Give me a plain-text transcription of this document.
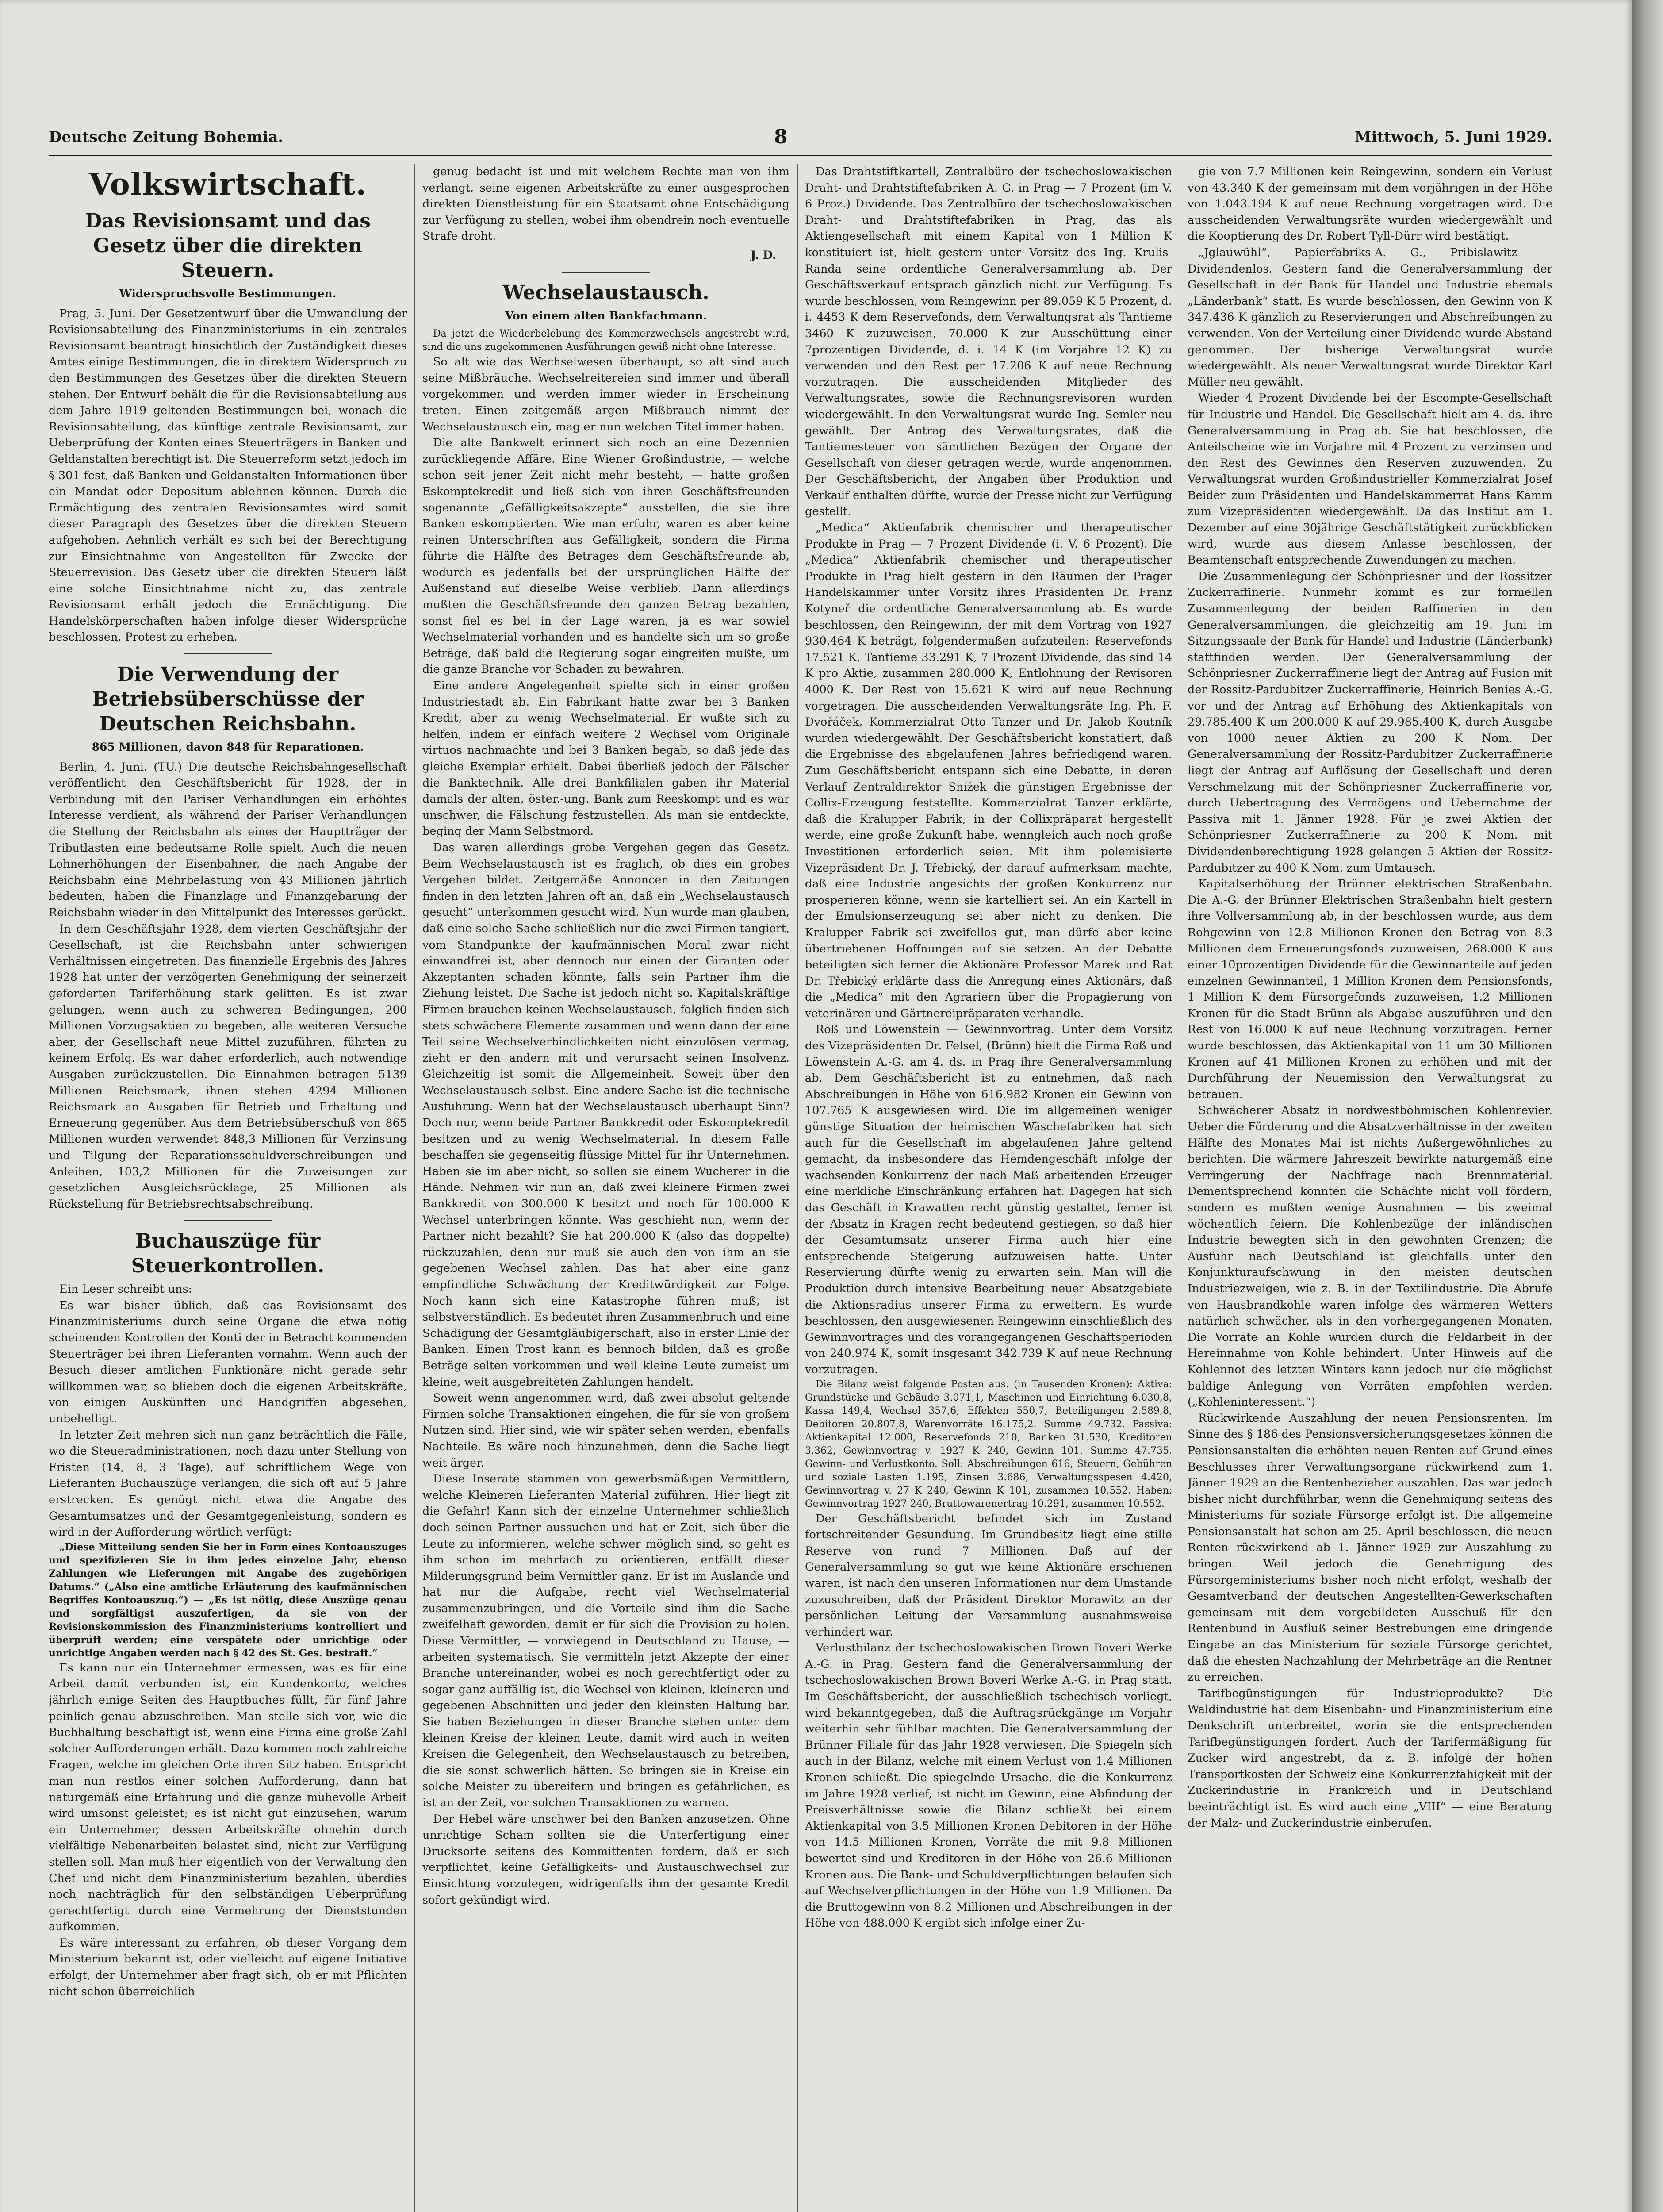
Deutsche Zeitung Bohemia.	8	Mittwoch, 5. Juni 1929.
Volkswirtschaft.
Das Revisionsamt und das Gesetz über die direkten Steuern.
Widerspruchsvolle Bestimmungen.

Prag, 5. Juni. Der Gesetzentwurf über die Umwandlung der Revisionsabteilung des Finanzministeriums in ein zentrales Revisionsamt beantragt hinsichtlich der Zuständigkeit dieses Amtes einige Bestimmungen, die in direktem Widerspruch zu den Bestimmungen des Gesetzes über die direkten Steuern stehen. Der Entwurf behält die für die Revisionsabteilung aus dem Jahre 1919 geltenden Bestimmungen bei, wonach die Revisionsabteilung, das künftige zentrale Revisionsamt, zur Ueberprüfung der Konten eines Steuerträgers in Banken und Geldanstalten berechtigt ist. Die Steuerreform setzt jedoch im § 301 fest, daß Banken und Geldanstalten Informationen über ein Mandat oder Depositum ablehnen können. Durch die Ermächtigung des zentralen Revisionsamtes wird somit dieser Paragraph des Gesetzes über die direkten Steuern aufgehoben. Aehnlich verhält es sich bei der Berechtigung zur Einsichtnahme von Angestellten für Zwecke der Steuerrevision. Das Gesetz über die direkten Steuern läßt eine solche Einsichtnahme nicht zu, das zentrale Revisionsamt erhält jedoch die Ermächtigung. Die Handelskörperschaften haben infolge dieser Widersprüche beschlossen, Protest zu erheben.

Die Verwendung der Betriebsüberschüsse der Deutschen Reichsbahn.
865 Millionen, davon 848 für Reparationen.

Berlin, 4. Juni. (TU.) Die deutsche Reichsbahngesellschaft veröffentlicht den Geschäftsbericht für 1928, der in Verbindung mit den Pariser Verhandlungen ein erhöhtes Interesse verdient, als während der Pariser Verhandlungen die Stellung der Reichsbahn als eines der Hauptträger der Tributlasten eine bedeutsame Rolle spielt. Auch die neuen Lohnerhöhungen der Eisenbahner, die nach Angabe der Reichsbahn eine Mehrbelastung von 43 Millionen jährlich bedeuten, haben die Finanzlage und Finanzgebarung der Reichsbahn wieder in den Mittelpunkt des Interesses gerückt.

In dem Geschäftsjahr 1928, dem vierten Geschäftsjahr der Gesellschaft, ist die Reichsbahn unter schwierigen Verhältnissen eingetreten. Das finanzielle Ergebnis des Jahres 1928 hat unter der verzögerten Genehmigung der seinerzeit geforderten Tariferhöhung stark gelitten. Es ist zwar gelungen, wenn auch zu schweren Bedingungen, 200 Millionen Vorzugsaktien zu begeben, alle weiteren Versuche aber, der Gesellschaft neue Mittel zuzuführen, führten zu keinem Erfolg. Es war daher erforderlich, auch notwendige Ausgaben zurückzustellen. Die Einnahmen betragen 5139 Millionen Reichsmark, ihnen stehen 4294 Millionen Reichsmark an Ausgaben für Betrieb und Erhaltung und Erneuerung gegenüber. Aus dem Betriebsüberschuß von 865 Millionen wurden verwendet 848,3 Millionen für Verzinsung und Tilgung der Reparationsschuldverschreibungen und Anleihen, 103,2 Millionen für die Zuweisungen zur gesetzlichen Ausgleichsrücklage, 25 Millionen als Rückstellung für Betriebsrechtsabschreibung.

Buchauszüge für Steuerkontrollen.

Ein Leser schreibt uns:

Es war bisher üblich, daß das Revisionsamt des Finanzministeriums durch seine Organe die etwa nötig scheinenden Kontrollen der Konti der in Betracht kommenden Steuerträger bei ihren Lieferanten vornahm. Wenn auch der Besuch dieser amtlichen Funktionäre nicht gerade sehr willkommen war, so blieben doch die eigenen Arbeitskräfte, von einigen Auskünften und Handgriffen abgesehen, unbehelligt.

In letzter Zeit mehren sich nun ganz beträchtlich die Fälle, wo die Steueradministrationen, noch dazu unter Stellung von Fristen (14, 8, 3 Tage), auf schriftlichem Wege von Lieferanten Buchauszüge verlangen, die sich oft auf 5 Jahre erstrecken. Es genügt nicht etwa die Angabe des Gesamtumsatzes und der Gesamtgegenleistung, sondern es wird in der Aufforderung wörtlich verfügt:

„Diese Mitteilung senden Sie her in Form eines Kontoauszuges und spezifizieren Sie in ihm jedes einzelne Jahr, ebenso Zahlungen wie Lieferungen mit Angabe des zugehörigen Datums.“ („Also eine amtliche Erläuterung des kaufmännischen Begriffes Kontoauszug.“) — „Es ist nötig, diese Auszüge genau und sorgfältigst auszufertigen, da sie von der Revisionskommission des Finanzministeriums kontrolliert und überprüft werden; eine verspätete oder unrichtige oder unrichtige Angaben werden nach § 42 des St. Ges. bestraft.“

Es kann nur ein Unternehmer ermessen, was es für eine Arbeit damit verbunden ist, ein Kundenkonto, welches jährlich einige Seiten des Hauptbuches füllt, für fünf Jahre peinlich genau abzuschreiben. Man stelle sich vor, wie die Buchhaltung beschäftigt ist, wenn eine Firma eine große Zahl solcher Aufforderungen erhält. Dazu kommen noch zahlreiche Fragen, welche im gleichen Orte ihren Sitz haben. Entspricht man nun restlos einer solchen Aufforderung, dann hat naturgemäß eine Erfahrung und die ganze mühevolle Arbeit wird umsonst geleistet; es ist nicht gut einzusehen, warum ein Unternehmer, dessen Arbeitskräfte ohnehin durch vielfältige Nebenarbeiten belastet sind, nicht zur Verfügung stellen soll. Man muß hier eigentlich von der Verwaltung den Chef und nicht dem Finanzministerium bezahlen, überdies noch nachträglich für den selbständigen Ueberprüfung gerechtfertigt durch eine Vermehrung der Dienststunden aufkommen.

Es wäre interessant zu erfahren, ob dieser Vorgang dem Ministerium bekannt ist, oder vielleicht auf eigene Initiative erfolgt, der Unternehmer aber fragt sich, ob er mit Pflichten nicht schon überreichlich

genug bedacht ist und mit welchem Rechte man von ihm verlangt, seine eigenen Arbeitskräfte zu einer ausgesprochen direkten Dienstleistung für ein Staatsamt ohne Entschädigung zur Verfügung zu stellen, wobei ihm obendrein noch eventuelle Strafe droht.

J. D.
Wechselaustausch.
Von einem alten Bankfachmann.

Da jetzt die Wiederbelebung des Kommerzwechsels angestrebt wird, sind die uns zugekommenen Ausführungen gewiß nicht ohne Interesse.

So alt wie das Wechselwesen überhaupt, so alt sind auch seine Mißbräuche. Wechselreitereien sind immer und überall vorgekommen und werden immer wieder in Erscheinung treten. Einen zeitgemäß argen Mißbrauch nimmt der Wechselaustausch ein, mag er nun welchen Titel immer haben.

Die alte Bankwelt erinnert sich noch an eine Dezennien zurückliegende Affäre. Eine Wiener Großindustrie, — welche schon seit jener Zeit nicht mehr besteht, — hatte großen Eskomptekredit und ließ sich von ihren Geschäftsfreunden sogenannte „Gefälligkeitsakzepte“ ausstellen, die sie ihre Banken eskomptierten. Wie man erfuhr, waren es aber keine reinen Unterschriften aus Gefälligkeit, sondern die Firma führte die Hälfte des Betrages dem Geschäftsfreunde ab, wodurch es jedenfalls bei der ursprünglichen Hälfte der Außenstand auf dieselbe Weise verblieb. Dann allerdings mußten die Geschäftsfreunde den ganzen Betrag bezahlen, sonst fiel es bei in der Lage waren, ja es war sowiel Wechselmaterial vorhanden und es handelte sich um so große Beträge, daß bald die Regierung sogar eingreifen mußte, um die ganze Branche vor Schaden zu bewahren.

Eine andere Angelegenheit spielte sich in einer großen Industriestadt ab. Ein Fabrikant hatte zwar bei 3 Banken Kredit, aber zu wenig Wechselmaterial. Er wußte sich zu helfen, indem er einfach weitere 2 Wechsel vom Originale virtuos nachmachte und bei 3 Banken begab, so daß jede das gleiche Exemplar erhielt. Dabei überließ jedoch der Fälscher die Banktechnik. Alle drei Bankfilialen gaben ihr Material damals der alten, öster.-ung. Bank zum Reeskompt und es war unschwer, die Fälschung festzustellen. Als man sie entdeckte, beging der Mann Selbstmord.

Das waren allerdings grobe Vergehen gegen das Gesetz. Beim Wechselaustausch ist es fraglich, ob dies ein grobes Vergehen bildet. Zeitgemäße Annoncen in den Zeitungen finden in den letzten Jahren oft an, daß ein „Wechselaustausch gesucht“ unterkommen gesucht wird. Nun wurde man glauben, daß eine solche Sache schließlich nur die zwei Firmen tangiert, vom Standpunkte der kaufmännischen Moral zwar nicht einwandfrei ist, aber dennoch nur einen der Giranten oder Akzeptanten schaden könnte, falls sein Partner ihm die Ziehung leistet. Die Sache ist jedoch nicht so. Kapitalskräftige Firmen brauchen keinen Wechselaustausch, folglich finden sich stets schwächere Elemente zusammen und wenn dann der eine Teil seine Wechselverbindlichkeiten nicht einzulösen vermag, zieht er den andern mit und verursacht seinen Insolvenz. Gleichzeitig ist somit die Allgemeinheit. Soweit über den Wechselaustausch selbst. Eine andere Sache ist die technische Ausführung. Wenn hat der Wechselaustausch überhaupt Sinn? Doch nur, wenn beide Partner Bankkredit oder Eskomptekredit besitzen und zu wenig Wechselmaterial. In diesem Falle beschaffen sie gegenseitig flüssige Mittel für ihr Unternehmen. Haben sie im aber nicht, so sollen sie einem Wucherer in die Hände. Nehmen wir nun an, daß zwei kleinere Firmen zwei Bankkredit von 300.000 K besitzt und noch für 100.000 K Wechsel unterbringen könnte. Was geschieht nun, wenn der Partner nicht bezahlt? Sie hat 200.000 K (also das doppelte) rückzuzahlen, denn nur muß sie auch den von ihm an sie gegebenen Wechsel zahlen. Das hat aber eine ganz empfindliche Schwächung der Kreditwürdigkeit zur Folge. Noch kann sich eine Katastrophe führen muß, ist selbstverständlich. Es bedeutet ihren Zusammenbruch und eine Schädigung der Gesamtgläubigerschaft, also in erster Linie der Banken. Einen Trost kann es bennoch bilden, daß es große Beträge selten vorkommen und weil kleine Leute zumeist um kleine, weit ausgebreiteten Zahlungen handelt.

Soweit wenn angenommen wird, daß zwei absolut geltende Firmen solche Transaktionen eingehen, die für sie von großem Nutzen sind. Hier sind, wie wir später sehen werden, ebenfalls Nachteile. Es wäre noch hinzunehmen, denn die Sache liegt weit ärger.

Diese Inserate stammen von gewerbsmäßigen Vermittlern, welche Kleineren Lieferanten Material zuführen. Hier liegt zit die Gefahr! Kann sich der einzelne Unternehmer schließlich doch seinen Partner aussuchen und hat er Zeit, sich über die Leute zu informieren, welche schwer möglich sind, so geht es ihm schon im mehrfach zu orientieren, entfällt dieser Milderungsgrund beim Vermittler ganz. Er ist im Auslande und hat nur die Aufgabe, recht viel Wechselmaterial zusammenzubringen, und die Vorteile sind ihm die Sache zweifelhaft geworden, damit er für sich die Provision zu holen. Diese Vermittler, — vorwiegend in Deutschland zu Hause, — arbeiten systematisch. Sie vermitteln jetzt Akzepte der einer Branche untereinander, wobei es noch gerechtfertigt oder zu sogar ganz auffällig ist, die Wechsel von kleinen, kleineren und gegebenen Abschnitten und jeder den kleinsten Haltung bar. Sie haben Beziehungen in dieser Branche stehen unter dem kleinen Kreise der kleinen Leute, damit wird auch in weiten Kreisen die Gelegenheit, den Wechselaustausch zu betreiben, die sie sonst schwerlich hätten. So bringen sie in Kreise ein solche Meister zu übereifern und bringen es gefährlichen, es ist an der Zeit, vor solchen Transaktionen zu warnen.

Der Hebel wäre unschwer bei den Banken anzusetzen. Ohne unrichtige Scham sollten sie die Unterfertigung einer Drucksorte seitens des Kommittenten fordern, daß er sich verpflichtet, keine Gefälligkeits- und Austauschwechsel zur Einsichtung vorzulegen, widrigenfalls ihm der gesamte Kredit sofort gekündigt wird.

Das Drahtstiftkartell, Zentralbüro der tschechoslowakischen Draht- und Drahtstiftefabriken A. G. in Prag — 7 Prozent (im V. 6 Proz.) Dividende. Das Zentralbüro der tschechoslowakischen Draht- und Drahtstiftefabriken in Prag, das als Aktiengesellschaft mit einem Kapital von 1 Million K konstituiert ist, hielt gestern unter Vorsitz des Ing. Krulis-Randa seine ordentliche Generalversammlung ab. Der Geschäftsverkauf entsprach gänzlich nicht zur Verfügung. Es wurde beschlossen, vom Reingewinn per 89.059 K 5 Prozent, d. i. 4453 K dem Reservefonds, dem Verwaltungsrat als Tantieme 3460 K zuzuweisen, 70.000 K zur Ausschüttung einer 7prozentigen Dividende, d. i. 14 K (im Vorjahre 12 K) zu verwenden und den Rest per 17.206 K auf neue Rechnung vorzutragen. Die ausscheidenden Mitglieder des Verwaltungsrates, sowie die Rechnungsrevisoren wurden wiedergewählt. In den Verwaltungsrat wurde Ing. Semler neu gewählt. Der Antrag des Verwaltungsrates, daß die Tantiemesteuer von sämtlichen Bezügen der Organe der Gesellschaft von dieser getragen werde, wurde angenommen. Der Geschäftsbericht, der Angaben über Produktion und Verkauf enthalten dürfte, wurde der Presse nicht zur Verfügung gestellt.

„Medica“ Aktienfabrik chemischer und therapeutischer Produkte in Prag — 7 Prozent Dividende (i. V. 6 Prozent). Die „Medica“ Aktienfabrik chemischer und therapeutischer Produkte in Prag hielt gestern in den Räumen der Prager Handelskammer unter Vorsitz ihres Präsidenten Dr. Franz Kotyneř die ordentliche Generalversammlung ab. Es wurde beschlossen, den Reingewinn, der mit dem Vortrag von 1927 930.464 K beträgt, folgendermaßen aufzuteilen: Reservefonds 17.521 K, Tantieme 33.291 K, 7 Prozent Dividende, das sind 14 K pro Aktie, zusammen 280.000 K, Entlohnung der Revisoren 4000 K. Der Rest von 15.621 K wird auf neue Rechnung vorgetragen. Die ausscheidenden Verwaltungsräte Ing. Ph. F. Dvořáček, Kommerzialrat Otto Tanzer und Dr. Jakob Koutník wurden wiedergewählt. Der Geschäftsbericht konstatiert, daß die Ergebnisse des abgelaufenen Jahres befriedigend waren. Zum Geschäftsbericht entspann sich eine Debatte, in deren Verlauf Zentraldirektor Snížek die günstigen Ergebnisse der Collix-Erzeugung feststellte. Kommerzialrat Tanzer erklärte, daß die Kralupper Fabrik, in der Collixpräparat hergestellt werde, eine große Zukunft habe, wenngleich auch noch große Investitionen erforderlich seien. Mit ihm polemisierte Vizepräsident Dr. J. Třebický, der darauf aufmerksam machte, daß eine Industrie angesichts der großen Konkurrenz nur prosperieren könne, wenn sie kartelliert sei. An ein Kartell in der Emulsionserzeugung sei aber nicht zu denken. Die Kralupper Fabrik sei zweifellos gut, man dürfe aber keine übertriebenen Hoffnungen auf sie setzen. An der Debatte beteiligten sich ferner die Aktionäre Professor Marek und Rat Dr. Třebický erklärte dass die Anregung eines Aktionärs, daß die „Medica“ mit den Agrariern über die Propagierung von veterinären und Gärtnereipräparaten verhandle.

Roß und Löwenstein — Gewinnvortrag. Unter dem Vorsitz des Vizepräsidenten Dr. Felsel, (Brünn) hielt die Firma Roß und Löwenstein A.-G. am 4. ds. in Prag ihre Generalversammlung ab. Dem Geschäftsbericht ist zu entnehmen, daß nach Abschreibungen in Höhe von 616.982 Kronen ein Gewinn von 107.765 K ausgewiesen wird. Die im allgemeinen weniger günstige Situation der heimischen Wäschefabriken hat sich auch für die Gesellschaft im abgelaufenen Jahre geltend gemacht, da insbesondere das Hemdengeschäft infolge der wachsenden Konkurrenz der nach Maß arbeitenden Erzeuger eine merkliche Einschränkung erfahren hat. Dagegen hat sich das Geschäft in Krawatten recht günstig gestaltet, ferner ist der Absatz in Kragen recht bedeutend gestiegen, so daß hier der Gesamtumsatz unserer Firma auch hier eine entsprechende Steigerung aufzuweisen hatte. Unter Reservierung dürfte wenig zu erwarten sein. Man will die Produktion durch intensive Bearbeitung neuer Absatzgebiete die Aktionsradius unserer Firma zu erweitern. Es wurde beschlossen, den ausgewiesenen Reingewinn einschließlich des Gewinnvortrages und des vorangegangenen Geschäftsperioden von 240.974 K, somit insgesamt 342.739 K auf neue Rechnung vorzutragen.

Die Bilanz weist folgende Posten aus. (in Tausenden Kronen): Aktiva: Grundstücke und Gebäude 3.071,1, Maschinen und Einrichtung 6.030,8, Kassa 149,4, Wechsel 357,6, Effekten 550,7, Beteiligungen 2.589,8, Debitoren 20.807,8, Warenvorräte 16.175,2. Summe 49.732. Passiva: Aktienkapital 12.000, Reservefonds 210, Banken 31.530, Kreditoren 3.362, Gewinnvortrag v. 1927 K 240, Gewinn 101. Summe 47.735. Gewinn- und Verlustkonto. Soll: Abschreibungen 616, Steuern, Gebühren und soziale Lasten 1.195, Zinsen 3.686, Verwaltungsspesen 4.420, Gewinnvortrag v. 27 K 240, Gewinn K 101, zusammen 10.552. Haben: Gewinnvortrag 1927 240, Bruttowarenertrag 10.291, zusammen 10.552.

Der Geschäftsbericht befindet sich im Zustand fortschreitender Gesundung. Im Grundbesitz liegt eine stille Reserve von rund 7 Millionen. Daß auf der Generalversammlung so gut wie keine Aktionäre erschienen waren, ist nach den unseren Informationen nur dem Umstande zuzuschreiben, daß der Präsident Direktor Morawitz an der persönlichen Leitung der Versammlung ausnahmsweise verhindert war.

Verlustbilanz der tschechoslowakischen Brown Boveri Werke A.-G. in Prag. Gestern fand die Generalversammlung der tschechoslowakischen Brown Boveri Werke A.-G. in Prag statt. Im Geschäftsbericht, der ausschließlich tschechisch vorliegt, wird bekanntgegeben, daß die Auftragsrückgänge im Vorjahr weiterhin sehr fühlbar machten. Die Generalversammlung der Brünner Filiale für das Jahr 1928 verwiesen. Die Spiegeln sich auch in der Bilanz, welche mit einem Verlust von 1.4 Millionen Kronen schließt. Die spiegelnde Ursache, die die Konkurrenz im Jahre 1928 verlief, ist nicht im Gewinn, eine Abfindung der Preisverhältnisse sowie die Bilanz schließt bei einem Aktienkapital von 3.5 Millionen Kronen Debitoren in der Höhe von 14.5 Millionen Kronen, Vorräte die mit 9.8 Millionen bewertet sind und Kreditoren in der Höhe von 26.6 Millionen Kronen aus. Die Bank- und Schuldverpflichtungen belaufen sich auf Wechselverpflichtungen in der Höhe von 1.9 Millionen. Da die Bruttogewinn von 8.2 Millionen und Abschreibungen in der Höhe von 488.000 K ergibt sich infolge einer Zu-

gie von 7.7 Millionen kein Reingewinn, sondern ein Verlust von 43.340 K der gemeinsam mit dem vorjährigen in der Höhe von 1.043.194 K auf neue Rechnung vorgetragen wird. Die ausscheidenden Verwaltungsräte wurden wiedergewählt und die Kooptierung des Dr. Robert Tyll-Dürr wird bestätigt.

„Jglauwühl“, Papierfabriks-A. G., Pribislawitz — Dividendenlos. Gestern fand die Generalversammlung der Gesellschaft in der Bank für Handel und Industrie ehemals „Länderbank“ statt. Es wurde beschlossen, den Gewinn von K 347.436 K gänzlich zu Reservierungen und Abschreibungen zu verwenden. Von der Verteilung einer Dividende wurde Abstand genommen. Der bisherige Verwaltungsrat wurde wiedergewählt. Als neuer Verwaltungsrat wurde Direktor Karl Müller neu gewählt.

Wieder 4 Prozent Dividende bei der Escompte-Gesellschaft für Industrie und Handel. Die Gesellschaft hielt am 4. ds. ihre Generalversammlung in Prag ab. Sie hat beschlossen, die Anteilscheine wie im Vorjahre mit 4 Prozent zu verzinsen und den Rest des Gewinnes den Reserven zuzuwenden. Zu Verwaltungsrat wurden Großindustrieller Kommerzialrat Josef Beider zum Präsidenten und Handelskammerrat Hans Kamm zum Vizepräsidenten wiedergewählt. Da das Institut am 1. Dezember auf eine 30jährige Geschäftstätigkeit zurückblicken wird, wurde aus diesem Anlasse beschlossen, der Beamtenschaft entsprechende Zuwendungen zu machen.

Die Zusammenlegung der Schönpriesner und der Rossitzer Zuckerraffinerie. Nunmehr kommt es zur formellen Zusammenlegung der beiden Raffinerien in den Generalversammlungen, die gleichzeitig am 19. Juni im Sitzungssaale der Bank für Handel und Industrie (Länderbank) stattfinden werden. Der Generalversammlung der Schönpriesner Zuckerraffinerie liegt der Antrag auf Fusion mit der Rossitz-Pardubitzer Zuckerraffinerie, Heinrich Benies A.-G. vor und der Antrag auf Erhöhung des Aktienkapitals von 29.785.400 K um 200.000 K auf 29.985.400 K, durch Ausgabe von 1000 neuer Aktien zu 200 K Nom. Der Generalversammlung der Rossitz-Pardubitzer Zuckerraffinerie liegt der Antrag auf Auflösung der Gesellschaft und deren Verschmelzung mit der Schönpriesner Zuckerraffinerie vor, durch Uebertragung des Vermögens und Uebernahme der Passiva mit 1. Jänner 1928. Für je zwei Aktien der Schönpriesner Zuckerraffinerie zu 200 K Nom. mit Dividendenberechtigung 1928 gelangen 5 Aktien der Rossitz-Pardubitzer zu 400 K Nom. zum Umtausch.

Kapitalserhöhung der Brünner elektrischen Straßenbahn. Die A.-G. der Brünner Elektrischen Straßenbahn hielt gestern ihre Vollversammlung ab, in der beschlossen wurde, aus dem Rohgewinn von 12.8 Millionen Kronen den Betrag von 8.3 Millionen dem Erneuerungsfonds zuzuweisen, 268.000 K aus einer 10prozentigen Dividende für die Gewinnanteile auf jeden einzelnen Gewinnanteil, 1 Million Kronen dem Pensionsfonds, 1 Million K dem Fürsorgefonds zuzuweisen, 1.2 Millionen Kronen für die Stadt Brünn als Abgabe auszuführen und den Rest von 16.000 K auf neue Rechnung vorzutragen. Ferner wurde beschlossen, das Aktienkapital von 11 um 30 Millionen Kronen auf 41 Millionen Kronen zu erhöhen und mit der Durchführung der Neuemission den Verwaltungsrat zu betrauen.

Schwächerer Absatz in nordwestböhmischen Kohlenrevier. Ueber die Förderung und die Absatzverhältnisse in der zweiten Hälfte des Monates Mai ist nichts Außergewöhnliches zu berichten. Die wärmere Jahreszeit bewirkte naturgemäß eine Verringerung der Nachfrage nach Brennmaterial. Dementsprechend konnten die Schächte nicht voll fördern, sondern es mußten wenige Ausnahmen — bis zweimal wöchentlich feiern. Die Kohlenbezüge der inländischen Industrie bewegten sich in den gewohnten Grenzen; die Ausfuhr nach Deutschland ist gleichfalls unter den Konjunkturaufschwung in den meisten deutschen Industriezweigen, wie z. B. in der Textilindustrie. Die Abrufe von Hausbrandkohle waren infolge des wärmeren Wetters natürlich schwächer, als in den vorhergegangenen Monaten. Die Vorräte an Kohle wurden durch die Feldarbeit in der Hereinnahme von Kohle behindert. Unter Hinweis auf die Kohlennot des letzten Winters kann jedoch nur die möglichst baldige Anlegung von Vorräten empfohlen werden. („Kohleninteressent.“)

Rückwirkende Auszahlung der neuen Pensionsrenten. Im Sinne des § 186 des Pensionsversicherungsgesetzes können die Pensionsanstalten die erhöhten neuen Renten auf Grund eines Beschlusses ihrer Verwaltungsorgane rückwirkend zum 1. Jänner 1929 an die Rentenbezieher auszahlen. Das war jedoch bisher nicht durchführbar, wenn die Genehmigung seitens des Ministeriums für soziale Fürsorge erfolgt ist. Die allgemeine Pensionsanstalt hat schon am 25. April beschlossen, die neuen Renten rückwirkend ab 1. Jänner 1929 zur Auszahlung zu bringen. Weil jedoch die Genehmigung des Fürsorgeministeriums bisher noch nicht erfolgt, weshalb der Gesamtverband der deutschen Angestellten-Gewerkschaften gemeinsam mit dem vorgebildeten Ausschuß für den Rentenbund in Ausfluß seiner Bestrebungen eine dringende Eingabe an das Ministerium für soziale Fürsorge gerichtet, daß die ehesten Nachzahlung der Mehrbeträge an die Rentner zu erreichen.

Tarifbegünstigungen für Industrieprodukte? Die Waldindustrie hat dem Eisenbahn- und Finanzministerium eine Denkschrift unterbreitet, worin sie die entsprechenden Tarifbegünstigungen fordert. Auch der Tarifermäßigung für Zucker wird angestrebt, da z. B. infolge der hohen Transportkosten der Schweiz eine Konkurrenzfähigkeit mit der Zuckerindustrie in Frankreich und in Deutschland beeinträchtigt ist. Es wird auch eine „VIII“ — eine Beratung der Malz- und Zuckerindustrie einberufen.
